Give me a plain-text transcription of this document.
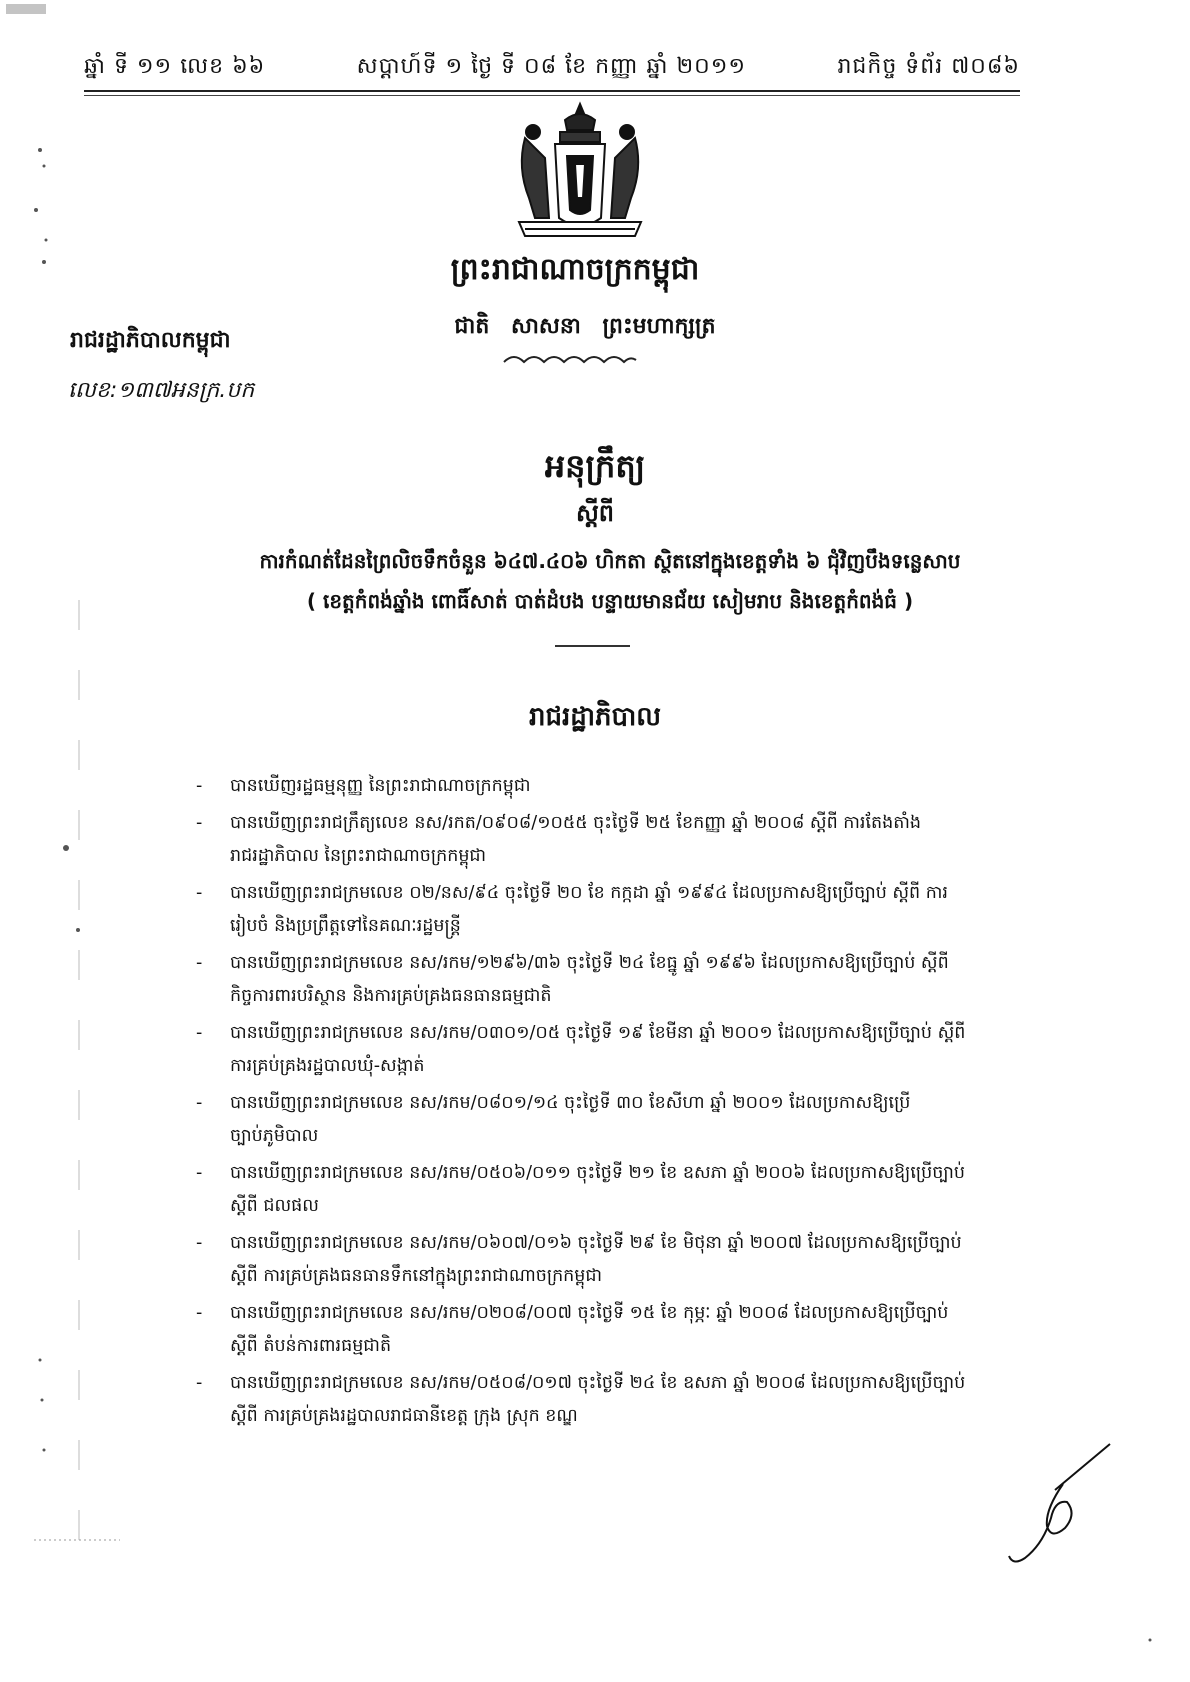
ឆ្នាំ ទី ១១ លេខ ៦៦	សប្តាហ៍ទី ១ ថ្ងៃ ទី ០៨ ខែ កញ្ញា ឆ្នាំ ២០១១	រាជកិច្ច ទំព័រ ៧០៨៦
ព្រះរាជាណាចក្រកម្ពុជា
ជាតិ សាសនា ព្រះមហាក្សត្រ
រាជរដ្ឋាភិបាលកម្ពុជា
លេខ:១៣៧អនក្រ.បក
អនុក្រឹត្យ
ស្តីពី
ការកំណត់ដែនព្រៃលិចទឹកចំនួន ៦៤៧.៤០៦ ហិកតា ស្ថិតនៅក្នុងខេត្តទាំង ៦ ជុំវិញបឹងទន្លេសាប
( ខេត្តកំពង់ឆ្នាំង ពោធិ៍សាត់ បាត់ដំបង បន្ទាយមានជ័យ សៀមរាប និងខេត្តកំពង់ធំ )
រាជរដ្ឋាភិបាល
- បានឃើញរដ្ឋធម្មនុញ្ញ នៃព្រះរាជាណាចក្រកម្ពុជា
- បានឃើញព្រះរាជក្រឹត្យលេខ នស/រកត/០៩០៨/១០៥៥ ចុះថ្ងៃទី ២៥ ខែកញ្ញា ឆ្នាំ ២០០៨ ស្តីពី ការតែងតាំង
រាជរដ្ឋាភិបាល នៃព្រះរាជាណាចក្រកម្ពុជា
- បានឃើញព្រះរាជក្រមលេខ ០២/នស/៩៤ ចុះថ្ងៃទី ២០ ខែ កក្កដា ឆ្នាំ ១៩៩៤ ដែលប្រកាសឱ្យប្រើច្បាប់ ស្តីពី ការ
រៀបចំ និងប្រព្រឹត្តទៅនៃគណៈរដ្ឋមន្ត្រី
- បានឃើញព្រះរាជក្រមលេខ នស/រកម/១២៩៦/៣៦ ចុះថ្ងៃទី ២៤ ខែធ្នូ ឆ្នាំ ១៩៩៦ ដែលប្រកាសឱ្យប្រើច្បាប់ ស្តីពី
កិច្ចការពារបរិស្ថាន និងការគ្រប់គ្រងធនធានធម្មជាតិ
- បានឃើញព្រះរាជក្រមលេខ នស/រកម/០៣០១/០៥ ចុះថ្ងៃទី ១៩ ខែមីនា ឆ្នាំ ២០០១ ដែលប្រកាសឱ្យប្រើច្បាប់ ស្តីពី
ការគ្រប់គ្រងរដ្ឋបាលឃុំ-សង្កាត់
- បានឃើញព្រះរាជក្រមលេខ នស/រកម/០៨០១/១៤ ចុះថ្ងៃទី ៣០ ខែសីហា ឆ្នាំ ២០០១ ដែលប្រកាសឱ្យប្រើ
ច្បាប់ភូមិបាល
- បានឃើញព្រះរាជក្រមលេខ នស/រកម/០៥០៦/០១១ ចុះថ្ងៃទី ២១ ខែ ឧសភា ឆ្នាំ ២០០៦ ដែលប្រកាសឱ្យប្រើច្បាប់
ស្តីពី ជលផល
- បានឃើញព្រះរាជក្រមលេខ នស/រកម/០៦០៧/០១៦ ចុះថ្ងៃទី ២៩ ខែ មិថុនា ឆ្នាំ ២០០៧ ដែលប្រកាសឱ្យប្រើច្បាប់
ស្តីពី ការគ្រប់គ្រងធនធានទឹកនៅក្នុងព្រះរាជាណាចក្រកម្ពុជា
- បានឃើញព្រះរាជក្រមលេខ នស/រកម/០២០៨/០០៧ ចុះថ្ងៃទី ១៥ ខែ កុម្ភៈ ឆ្នាំ ២០០៨ ដែលប្រកាសឱ្យប្រើច្បាប់
ស្តីពី តំបន់ការពារធម្មជាតិ
- បានឃើញព្រះរាជក្រមលេខ នស/រកម/០៥០៨/០១៧ ចុះថ្ងៃទី ២៤ ខែ ឧសភា ឆ្នាំ ២០០៨ ដែលប្រកាសឱ្យប្រើច្បាប់
ស្តីពី ការគ្រប់គ្រងរដ្ឋបាលរាជធានីខេត្ត ក្រុង ស្រុក ខណ្ឌ
